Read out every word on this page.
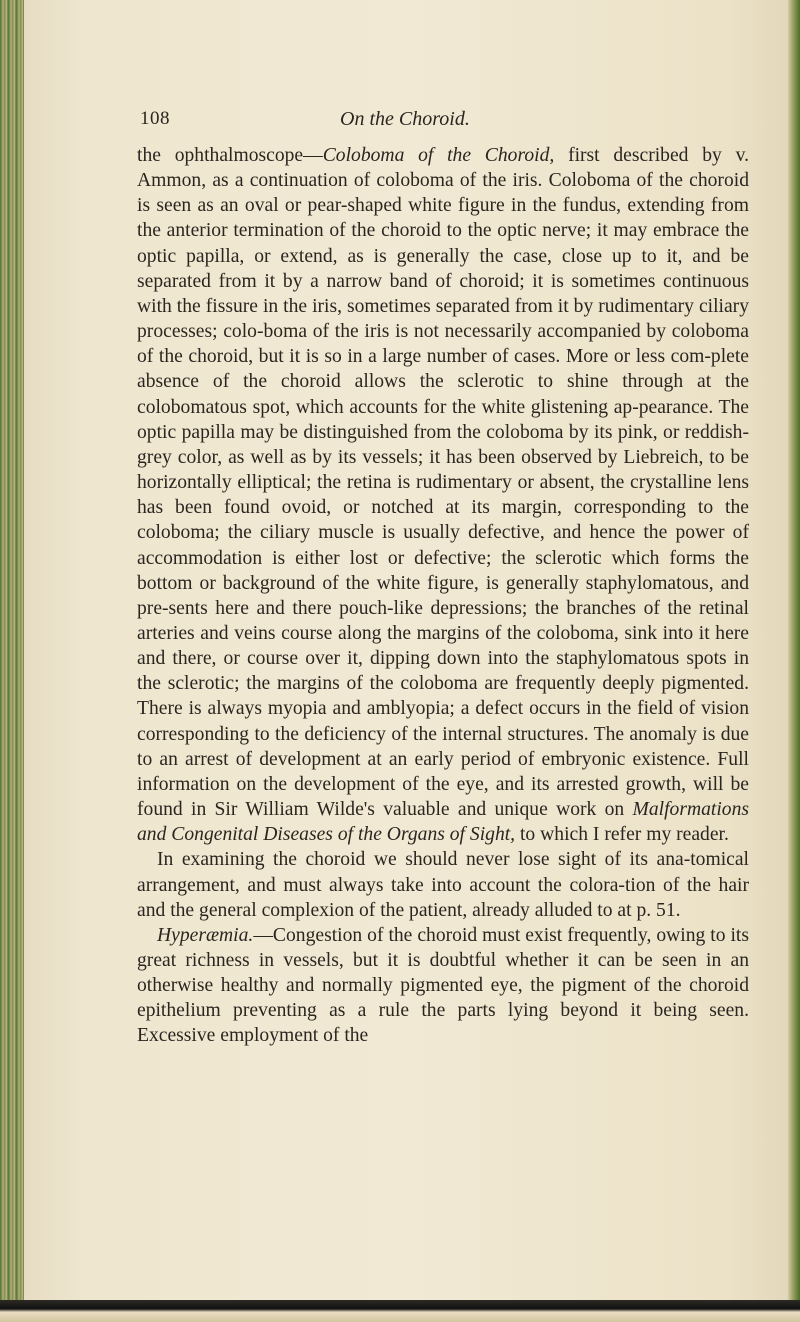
108	On the Choroid.

the ophthalmoscope—Coloboma of the Choroid, first described by v. Ammon, as a continuation of coloboma of the iris. Coloboma of the choroid is seen as an oval or pear-shaped white figure in the fundus, extending from the anterior termination of the choroid to the optic nerve; it may embrace the optic papilla, or extend, as is generally the case, close up to it, and be separated from it by a narrow band of choroid; it is sometimes continuous with the fissure in the iris, sometimes separated from it by rudimentary ciliary processes; colo-boma of the iris is not necessarily accompanied by coloboma of the choroid, but it is so in a large number of cases. More or less com-plete absence of the choroid allows the sclerotic to shine through at the colobomatous spot, which accounts for the white glistening ap-pearance. The optic papilla may be distinguished from the coloboma by its pink, or reddish-grey color, as well as by its vessels; it has been observed by Liebreich, to be horizontally elliptical; the retina is rudimentary or absent, the crystalline lens has been found ovoid, or notched at its margin, corresponding to the coloboma; the ciliary muscle is usually defective, and hence the power of accommodation is either lost or defective; the sclerotic which forms the bottom or background of the white figure, is generally staphylomatous, and pre-sents here and there pouch-like depressions; the branches of the retinal arteries and veins course along the margins of the coloboma, sink into it here and there, or course over it, dipping down into the staphylomatous spots in the sclerotic; the margins of the coloboma are frequently deeply pigmented. There is always myopia and amblyopia; a defect occurs in the field of vision corresponding to the deficiency of the internal structures. The anomaly is due to an arrest of development at an early period of embryonic existence. Full information on the development of the eye, and its arrested growth, will be found in Sir William Wilde's valuable and unique work on Malformations and Congenital Diseases of the Organs of Sight, to which I refer my reader.

In examining the choroid we should never lose sight of its ana-tomical arrangement, and must always take into account the colora-tion of the hair and the general complexion of the patient, already alluded to at p. 51.

Hyperæmia.—Congestion of the choroid must exist frequently, owing to its great richness in vessels, but it is doubtful whether it can be seen in an otherwise healthy and normally pigmented eye, the pigment of the choroid epithelium preventing as a rule the parts lying beyond it being seen. Excessive employment of the
